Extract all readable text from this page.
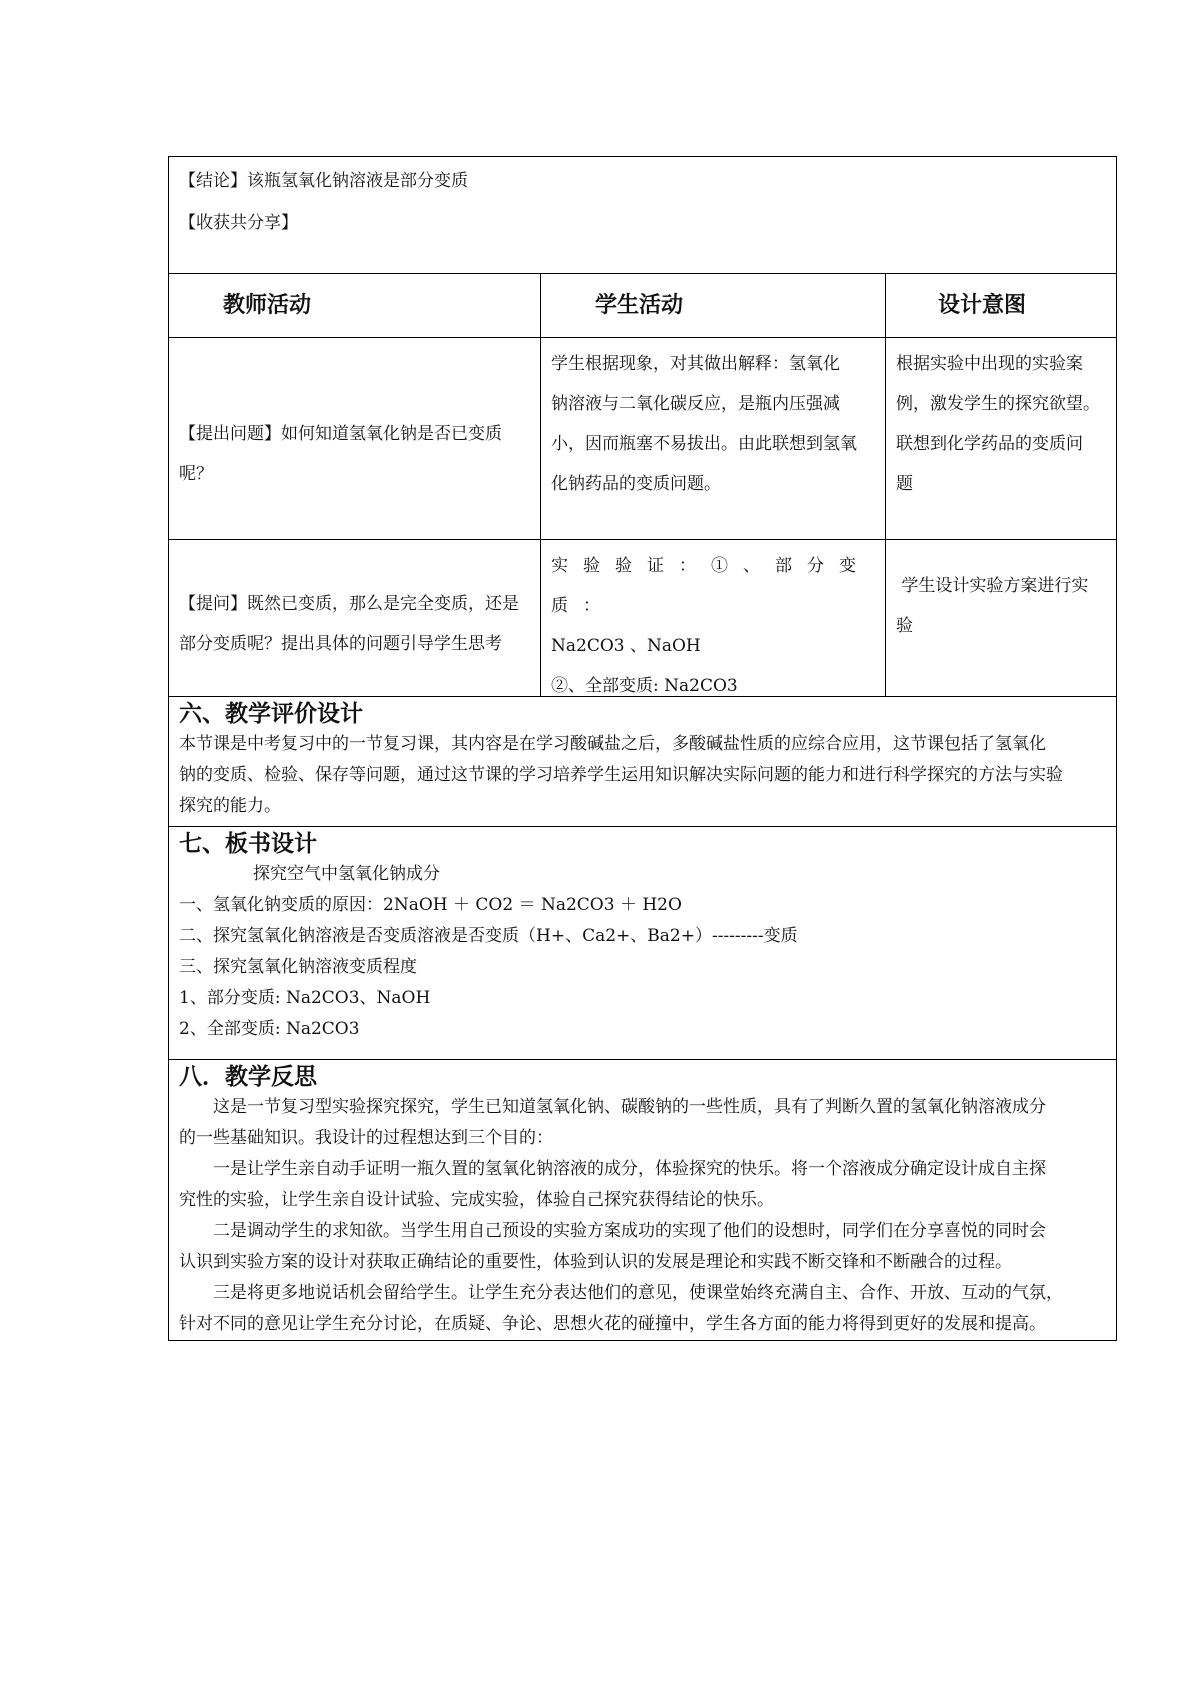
【结论】该瓶氢氧化钠溶液是部分变质
【收获共分享】
教师活动	学生活动	设计意图
【提出问题】如何知道氢氧化钠是否已变质
呢？
学生根据现象，对其做出解释：氢氧化
钠溶液与二氧化碳反应，是瓶内压强减
小，因而瓶塞不易拔出。由此联想到氢氧
化钠药品的变质问题。
根据实验中出现的实验案
例，激发学生的探究欲望。
联想到化学药品的变质问
题
【提问】既然已变质，那么是完全变质，还是
部分变质呢？提出具体的问题引导学生思考
实验验证：①、部分变质：
Na2CO3 、NaOH
②、全部变质: Na2CO3
学生设计实验方案进行实
验
六、教学评价设计
本节课是中考复习中的一节复习课，其内容是在学习酸碱盐之后，多酸碱盐性质的应综合应用，这节课包括了氢氧化
钠的变质、检验、保存等问题，通过这节课的学习培养学生运用知识解决实际问题的能力和进行科学探究的方法与实验
探究的能力。
七、板书设计
探究空气中氢氧化钠成分
一、氢氧化钠变质的原因：2NaOH ＋ CO2 ＝ Na2CO3 ＋ H2O
二、探究氢氧化钠溶液是否变质溶液是否变质（H+、Ca2+、Ba2+）---------变质
三、探究氢氧化钠溶液变质程度
1、部分变质: Na2CO3、NaOH
2、全部变质: Na2CO3
八．教学反思
这是一节复习型实验探究探究，学生已知道氢氧化钠、碳酸钠的一些性质，具有了判断久置的氢氧化钠溶液成分
的一些基础知识。我设计的过程想达到三个目的：
一是让学生亲自动手证明一瓶久置的氢氧化钠溶液的成分，体验探究的快乐。将一个溶液成分确定设计成自主探
究性的实验，让学生亲自设计试验、完成实验，体验自己探究获得结论的快乐。
二是调动学生的求知欲。当学生用自己预设的实验方案成功的实现了他们的设想时，同学们在分享喜悦的同时会
认识到实验方案的设计对获取正确结论的重要性，体验到认识的发展是理论和实践不断交锋和不断融合的过程。
三是将更多地说话机会留给学生。让学生充分表达他们的意见，使课堂始终充满自主、合作、开放、互动的气氛，
针对不同的意见让学生充分讨论，在质疑、争论、思想火花的碰撞中，学生各方面的能力将得到更好的发展和提高。
